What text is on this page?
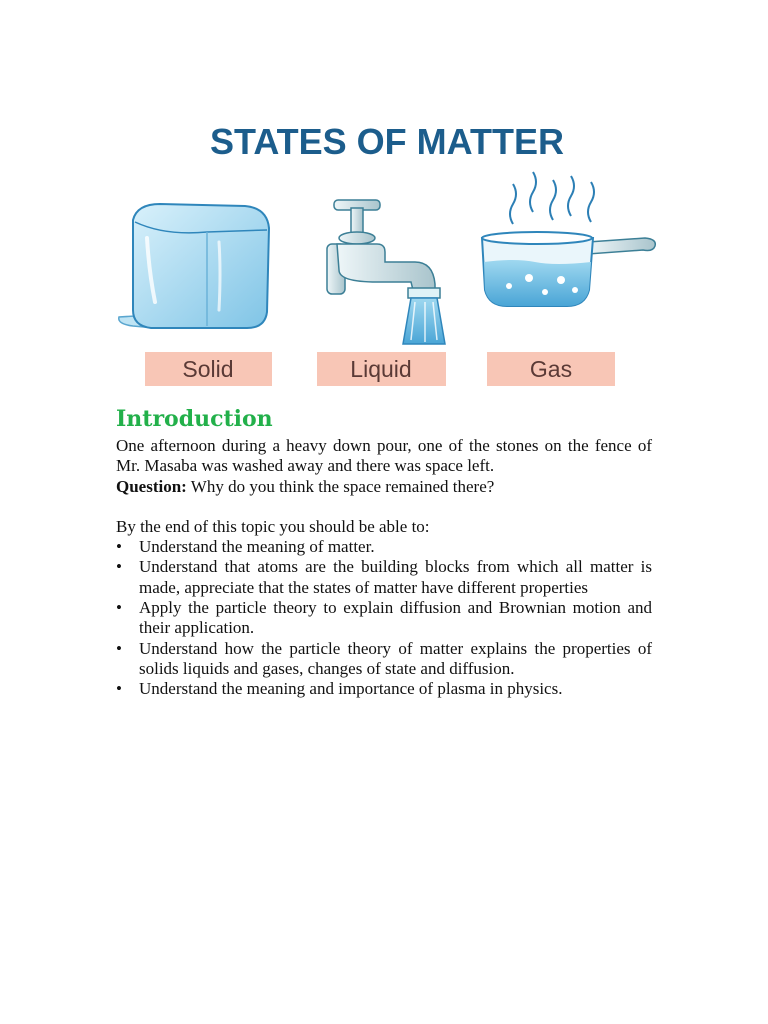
STATES OF MATTER
Solid	Liquid	Gas
Introduction

One afternoon during a heavy down pour, one of the stones on the fence of Mr. Masaba was washed away and there was space left.

Question: Why do you think the space remained there?

By the end of this topic you should be able to:

• Understand the meaning of matter.
• Understand that atoms are the building blocks from which all matter is made, appreciate that the states of matter have different properties
• Apply the particle theory to explain diffusion and Brownian motion and their application.
• Understand how the particle theory of matter explains the properties of solids liquids and gases, changes of state and diffusion.
• Understand the meaning and importance of plasma in physics.
